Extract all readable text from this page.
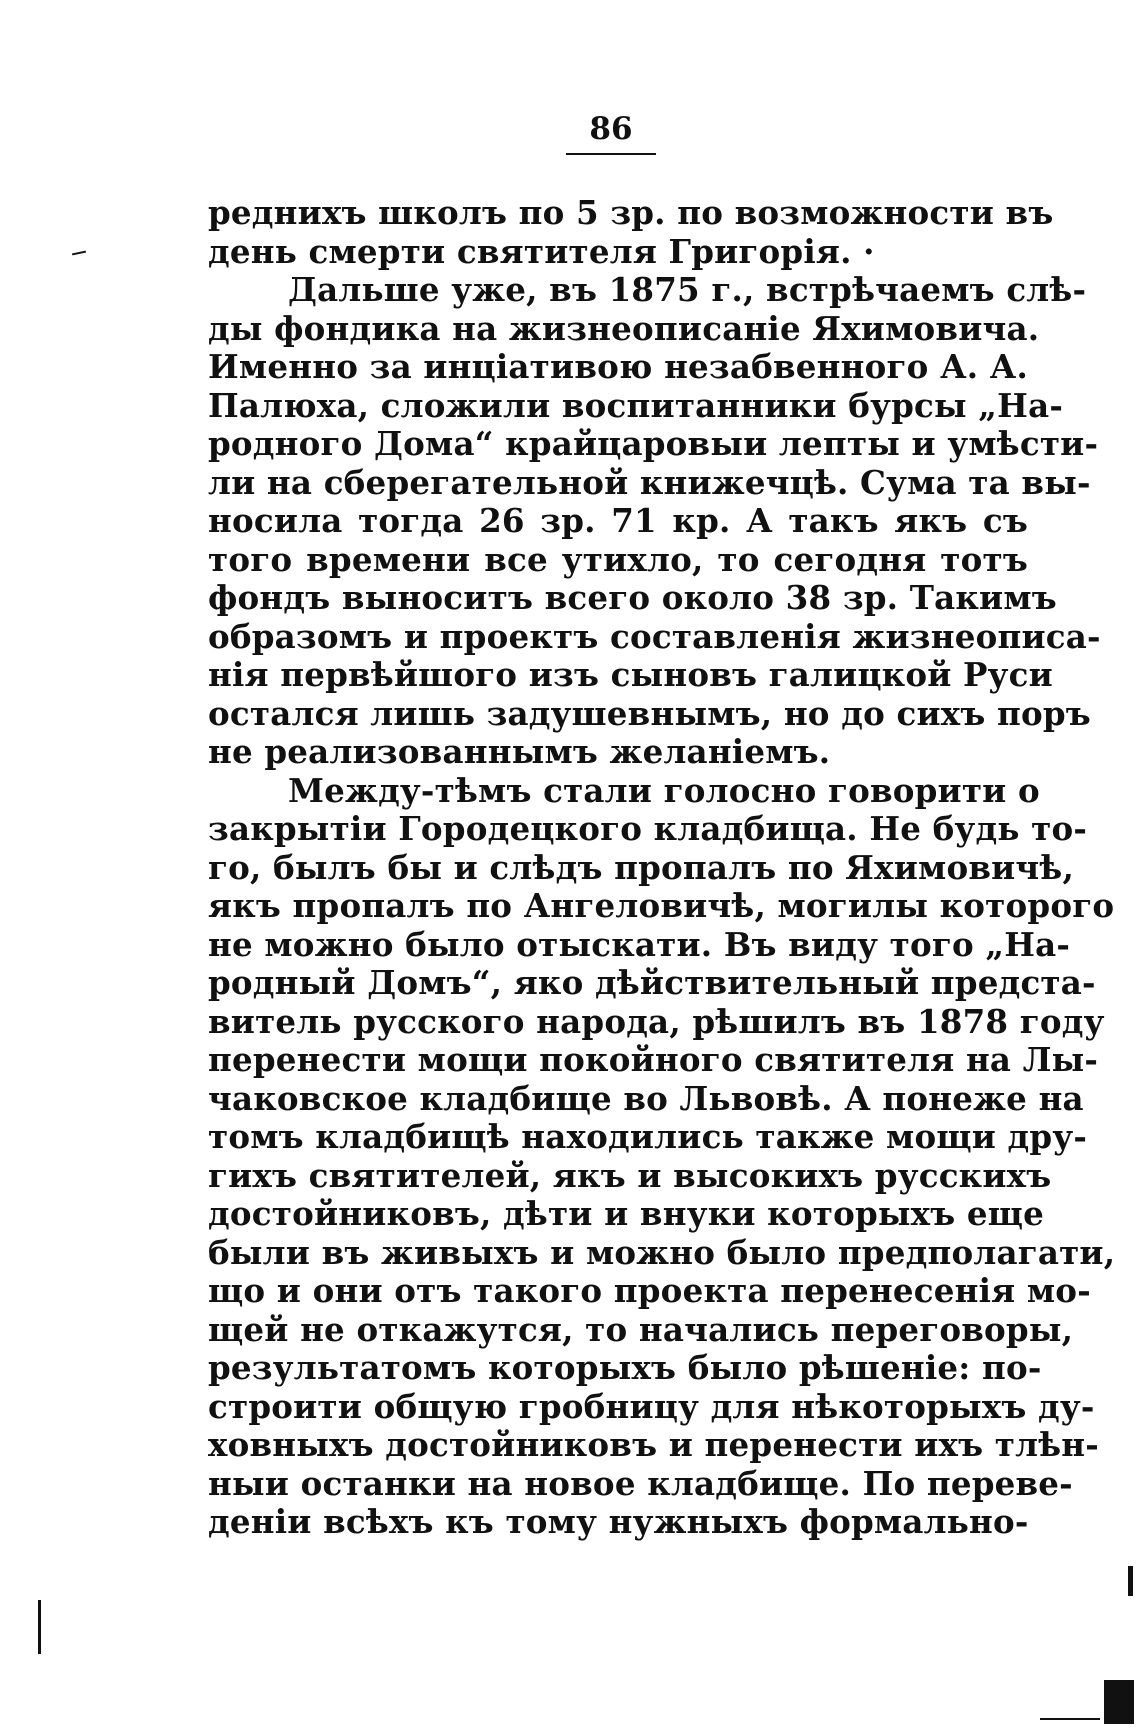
86
реднихъ школъ по 5 зр. по возможности въ
день смерти святителя Григорія. ·
Дальше уже, въ 1875 г., встрѣчаемъ слѣ-
ды фондика на жизнеописаніе Яхимовича.
Именно за инціативою незабвенного А. А.
Палюха, сложили воспитанники бурсы „На-
родного Дома“ крайцаровыи лепты и умѣсти-
ли на сберегательной книжечцѣ. Сума та вы-
носила тогда 26 зр. 71 кр. А такъ якъ съ
того времени все утихло, то сегодня тотъ
фондъ выноситъ всего около 38 зр. Такимъ
образомъ и проектъ составленія жизнеописа-
нія первѣйшого изъ сыновъ галицкой Руси
остался лишь задушевнымъ, но до сихъ поръ
не реализованнымъ желаніемъ.
Между-тѣмъ стали голосно говорити о
закрытіи Городецкого кладбища. Не будь то-
го, былъ бы и слѣдъ пропалъ по Яхимовичѣ,
якъ пропалъ по Ангеловичѣ, могилы которого
не можно было отыскати. Въ виду того „На-
родный Домъ“, яко дѣйствительный предста-
витель русского народа, рѣшилъ въ 1878 году
перенести мощи покойного святителя на Лы-
чаковское кладбище во Львовѣ. А понеже на
томъ кладбищѣ находились также мощи дру-
гихъ святителей, якъ и высокихъ русскихъ
достойниковъ, дѣти и внуки которыхъ еще
были въ живыхъ и можно было предполагати,
що и они отъ такого проекта перенесенія мо-
щей не откажутся, то начались переговоры,
результатомъ которыхъ было рѣшеніе: по-
строити общую гробницу для нѣкоторыхъ ду-
ховныхъ достойниковъ и перенести ихъ тлѣн-
ныи останки на новое кладбище. По переве-
деніи всѣхъ къ тому нужныхъ формально-
